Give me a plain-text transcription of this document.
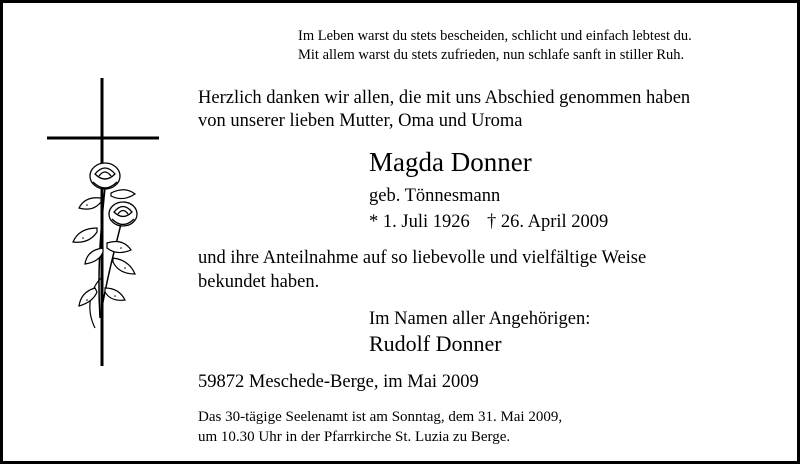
Im Leben warst du stets bescheiden, schlicht und einfach lebtest du.
Mit allem warst du stets zufrieden, nun schlafe sanft in stiller Ruh.
Herzlich danken wir allen, die mit uns Abschied genommen haben
von unserer lieben Mutter, Oma und Uroma
Magda Donner
geb. Tönnesmann
* 1. Juli 1926 † 26. April 2009
und ihre Anteilnahme auf so liebevolle und vielfältige Weise
bekundet haben.
Im Namen aller Angehörigen:
Rudolf Donner
59872 Meschede-Berge, im Mai 2009
Das 30-tägige Seelenamt ist am Sonntag, dem 31. Mai 2009,
um 10.30 Uhr in der Pfarrkirche St. Luzia zu Berge.
